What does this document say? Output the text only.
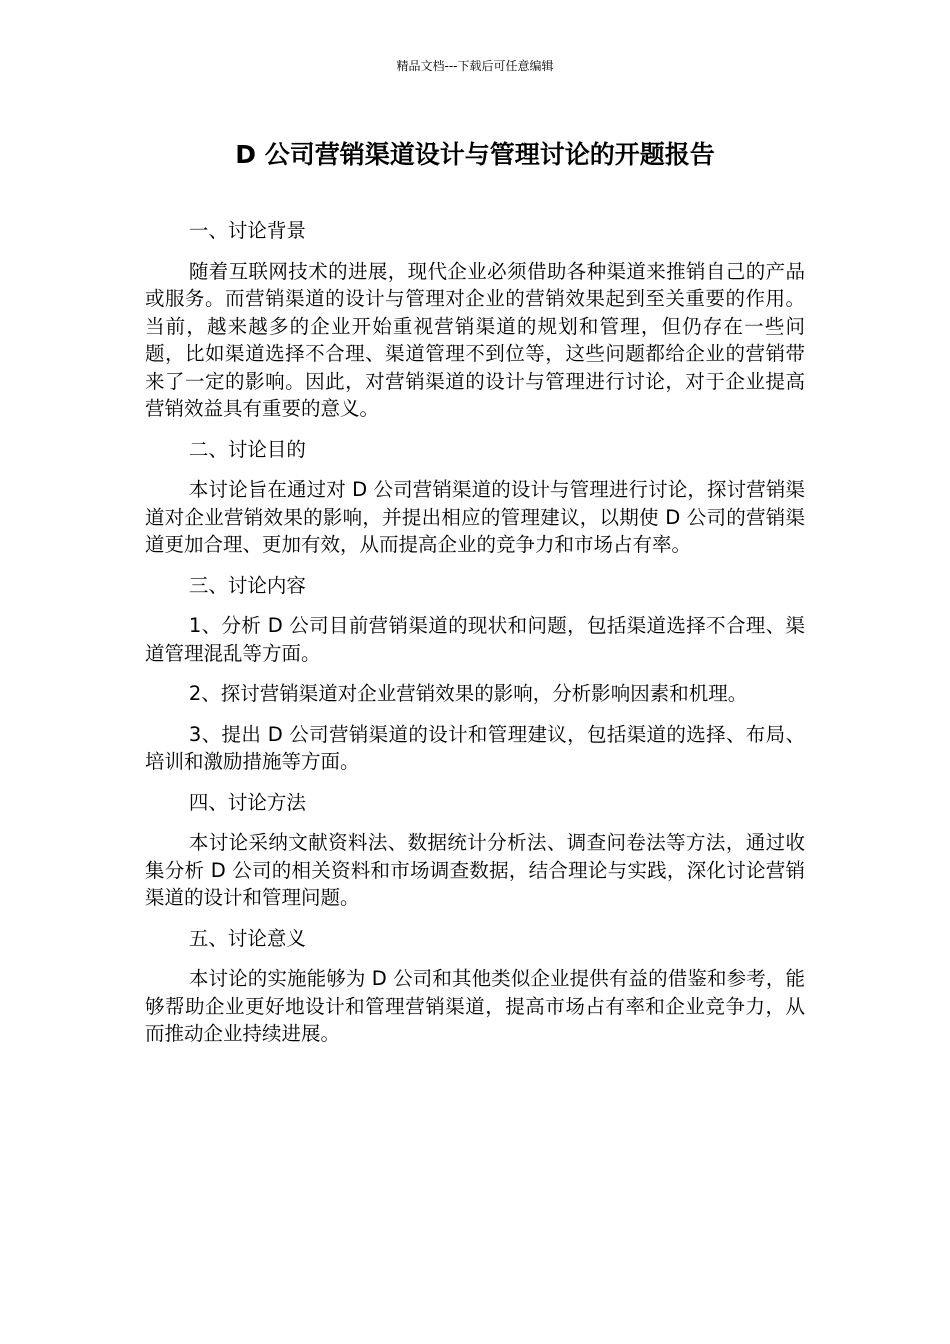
精品文档---下载后可任意编辑
D 公司营销渠道设计与管理讨论的开题报告

一、讨论背景

随着互联网技术的进展，现代企业必须借助各种渠道来推销自己的产品或服务。而营销渠道的设计与管理对企业的营销效果起到至关重要的作用。当前，越来越多的企业开始重视营销渠道的规划和管理，但仍存在一些问题，比如渠道选择不合理、渠道管理不到位等，这些问题都给企业的营销带来了一定的影响。因此，对营销渠道的设计与管理进行讨论，对于企业提高营销效益具有重要的意义。

二、讨论目的

本讨论旨在通过对 D 公司营销渠道的设计与管理进行讨论，探讨营销渠道对企业营销效果的影响，并提出相应的管理建议，以期使 D 公司的营销渠道更加合理、更加有效，从而提高企业的竞争力和市场占有率。

三、讨论内容

1、分析 D 公司目前营销渠道的现状和问题，包括渠道选择不合理、渠道管理混乱等方面。

2、探讨营销渠道对企业营销效果的影响，分析影响因素和机理。

3、提出 D 公司营销渠道的设计和管理建议，包括渠道的选择、布局、培训和激励措施等方面。

四、讨论方法

本讨论采纳文献资料法、数据统计分析法、调查问卷法等方法，通过收集分析 D 公司的相关资料和市场调查数据，结合理论与实践，深化讨论营销渠道的设计和管理问题。

五、讨论意义

本讨论的实施能够为 D 公司和其他类似企业提供有益的借鉴和参考，能够帮助企业更好地设计和管理营销渠道，提高市场占有率和企业竞争力，从而推动企业持续进展。
